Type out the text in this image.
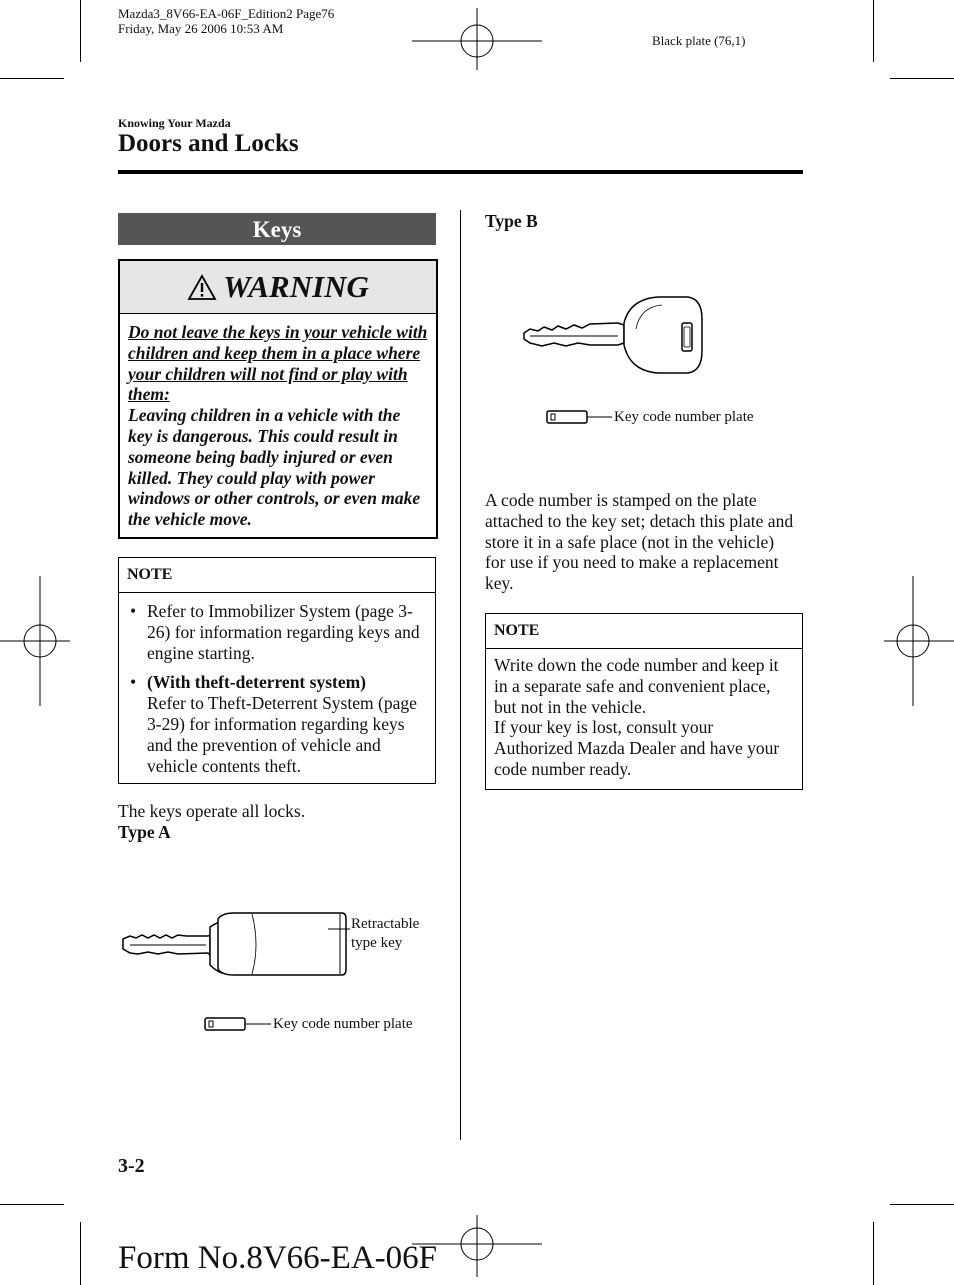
Mazda3_8V66-EA-06F_Edition2 Page76
Friday, May 26 2006 10:53 AM
Black plate (76,1)
Knowing Your Mazda
Doors and Locks
Keys
WARNING
Do not leave the keys in your vehicle with children and keep them in a place where your children will not find or play with them:
Leaving children in a vehicle with the key is dangerous. This could result in someone being badly injured or even killed. They could play with power windows or other controls, or even make the vehicle move.
NOTE
• Refer to Immobilizer System (page 3-26) for information regarding keys and engine starting.
• (With theft-deterrent system)
Refer to Theft-Deterrent System (page 3-29) for information regarding keys and the prevention of vehicle and vehicle contents theft.
The keys operate all locks.
Type A
Retractable type key
Key code number plate
Type B
Key code number plate
A code number is stamped on the plate attached to the key set; detach this plate and store it in a safe place (not in the vehicle) for use if you need to make a replacement key.
NOTE
Write down the code number and keep it in a separate safe and convenient place, but not in the vehicle.
If your key is lost, consult your Authorized Mazda Dealer and have your code number ready.
3-2
Form No.8V66-EA-06F
